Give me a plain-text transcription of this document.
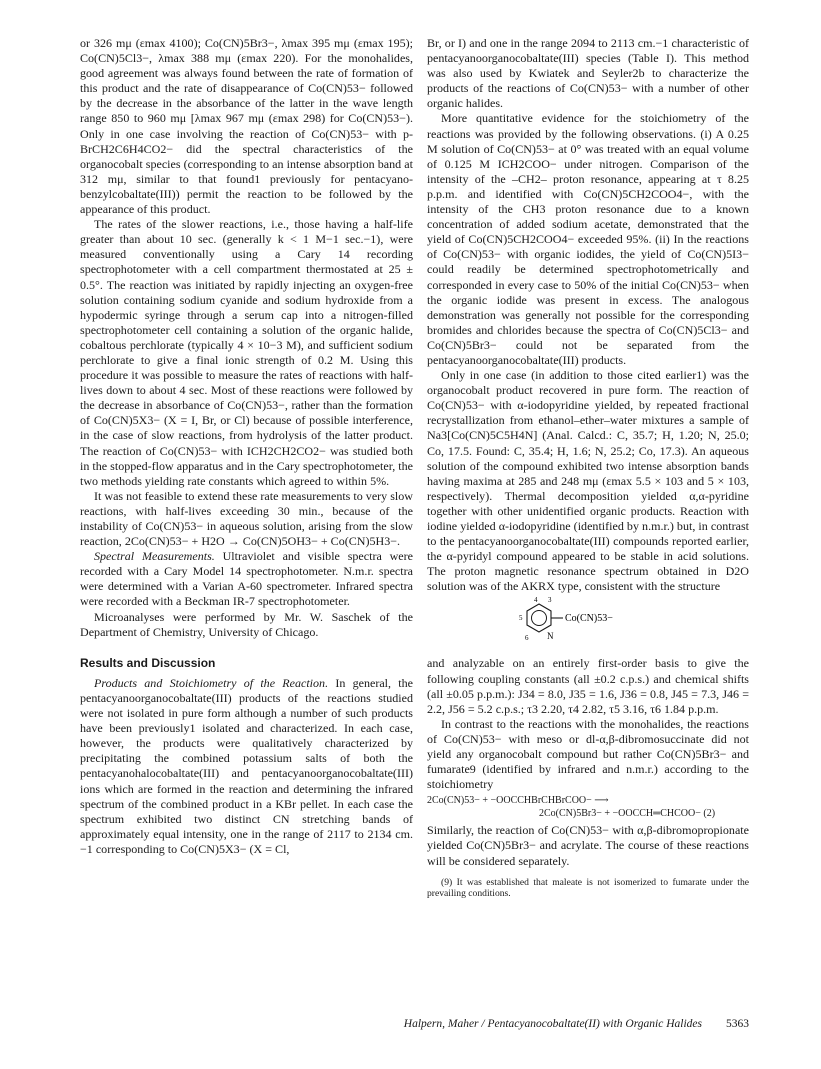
or 326 mμ (εmax 4100); Co(CN)5Br3−, λmax 395 mμ (εmax 195); Co(CN)5Cl3−, λmax 388 mμ (εmax 220). For the monohalides, good agreement was always found between the rate of formation of this product and the rate of disappearance of Co(CN)53− followed by the decrease in the absorbance of the latter in the wave length range 850 to 960 mμ [λmax 967 mμ (εmax 298) for Co(CN)53−). Only in one case involving the reaction of Co(CN)53− with p-BrCH2C6H4CO2− did the spectral characteristics of the organocobalt species (corresponding to an intense absorption band at 312 mμ, similar to that found1 previously for pentacyano-benzylcobaltate(III)) permit the reaction to be followed by the appearance of this product.

The rates of the slower reactions, i.e., those having a half-life greater than about 10 sec. (generally k < 1 M−1 sec.−1), were measured conventionally using a Cary 14 recording spectrophotometer with a cell compartment thermostated at 25 ± 0.5°. The reaction was initiated by rapidly injecting an oxygen-free solution containing sodium cyanide and sodium hydroxide from a hypodermic syringe through a serum cap into a nitrogen-filled spectrophotometer cell containing a solution of the organic halide, cobaltous perchlorate (typically 4 × 10−3 M), and sufficient sodium perchlorate to give a final ionic strength of 0.2 M. Using this procedure it was possible to measure the rates of reactions with half-lives down to about 4 sec. Most of these reactions were followed by the decrease in absorbance of Co(CN)53−, rather than the formation of Co(CN)5X3− (X = I, Br, or Cl) because of possible interference, in the case of slow reactions, from hydrolysis of the latter product. The reaction of Co(CN)53− with ICH2CH2CO2− was studied both in the stopped-flow apparatus and in the Cary spectrophotometer, the two methods yielding rate constants which agreed to within 5%.

It was not feasible to extend these rate measurements to very slow reactions, with half-lives exceeding 30 min., because of the instability of Co(CN)53− in aqueous solution, arising from the slow reaction, 2Co(CN)53− + H2O → Co(CN)5OH3− + Co(CN)5H3−.

Spectral Measurements. Ultraviolet and visible spectra were recorded with a Cary Model 14 spectrophotometer. N.m.r. spectra were determined with a Varian A-60 spectrometer. Infrared spectra were recorded with a Beckman IR-7 spectrophotometer.

Microanalyses were performed by Mr. W. Saschek of the Department of Chemistry, University of Chicago.

Results and Discussion

Products and Stoichiometry of the Reaction. In general, the pentacyanoorganocobaltate(III) products of the reactions studied were not isolated in pure form although a number of such products have been previously1 isolated and characterized. In each case, however, the products were qualitatively characterized by precipitating the combined potassium salts of both the pentacyanohalocobaltate(III) and pentacyanoorganocobaltate(III) ions which are formed in the reaction and determining the infrared spectrum of the combined product in a KBr pellet. In each case the spectrum exhibited two distinct CN stretching bands of approximately equal intensity, one in the range of 2117 to 2134 cm.−1 corresponding to Co(CN)5X3− (X = Cl,

Br, or I) and one in the range 2094 to 2113 cm.−1 characteristic of pentacyanoorganocobaltate(III) species (Table I). This method was also used by Kwiatek and Seyler2b to characterize the products of the reactions of Co(CN)53− with a number of other organic halides.

More quantitative evidence for the stoichiometry of the reactions was provided by the following observations. (i) A 0.25 M solution of Co(CN)53− at 0° was treated with an equal volume of 0.125 M ICH2COO− under nitrogen. Comparison of the intensity of the –CH2– proton resonance, appearing at τ 8.25 p.p.m. and identified with Co(CN)5CH2COO4−, with the intensity of the CH3 proton resonance due to a known concentration of added sodium acetate, demonstrated that the yield of Co(CN)5CH2COO4− exceeded 95%. (ii) In the reactions of Co(CN)53− with organic iodides, the yield of Co(CN)5I3− could readily be determined spectrophotometrically and corresponded in every case to 50% of the initial Co(CN)53− when the organic iodide was present in excess. The analogous demonstration was generally not possible for the corresponding bromides and chlorides because the spectra of Co(CN)5Cl3− and Co(CN)5Br3− could not be separated from the pentacyanoorganocobaltate(III) products.

Only in one case (in addition to those cited earlier1) was the organocobalt product recovered in pure form. The reaction of Co(CN)53− with α-iodopyridine yielded, by repeated fractional recrystallization from ethanol–ether–water mixtures a sample of Na3[Co(CN)5C5H4N] (Anal. Calcd.: C, 35.7; H, 1.20; N, 25.0; Co, 17.5. Found: C, 35.4; H, 1.6; N, 25.2; Co, 17.3). An aqueous solution of the compound exhibited two intense absorption bands having maxima at 285 and 248 mμ (εmax 5.5 × 103 and 5 × 103, respectively). Thermal decomposition yielded α,α-pyridine together with other unidentified organic products. Reaction with iodine yielded α-iodopyridine (identified by n.m.r.) but, in contrast to the pentacyanoorganocobaltate(III) compounds reported earlier, the α-pyridyl compound appeared to be stable in acid solutions. The proton magnetic resonance spectrum obtained in D2O solution was of the AKRX type, consistent with the structure

4 3
5
6 N
Co(CN)53−

and analyzable on an entirely first-order basis to give the following coupling constants (all ±0.2 c.p.s.) and chemical shifts (all ±0.05 p.p.m.): J34 = 8.0, J35 = 1.6, J36 = 0.8, J45 = 7.3, J46 = 2.2, J56 = 5.2 c.p.s.; τ3 2.20, τ4 2.82, τ5 3.16, τ6 1.84 p.p.m.

In contrast to the reactions with the monohalides, the reactions of Co(CN)53− with meso or dl-α,β-dibromosuccinate did not yield any organocobalt compound but rather Co(CN)5Br3− and fumarate9 (identified by infrared and n.m.r.) according to the stoichiometry

2Co(CN)53− + −OOCCHBrCHBrCOO− ⟶
2Co(CN)5Br3− + −OOCCH═CHCOO− (2)

Similarly, the reaction of Co(CN)53− with α,β-dibromopropionate yielded Co(CN)5Br3− and acrylate. The course of these reactions will be considered separately.

(9) It was established that maleate is not isomerized to fumarate under the prevailing conditions.

Halpern, Maher / Pentacyanocobaltate(II) with Organic Halides 5363
